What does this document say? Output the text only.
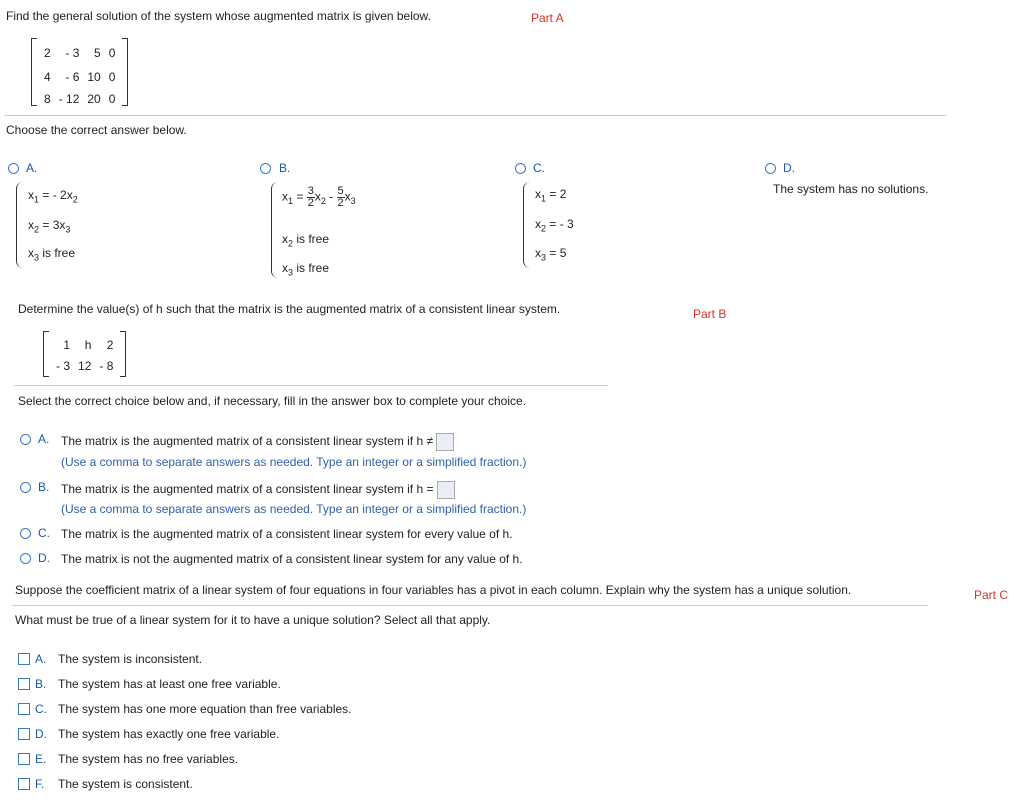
Find the general solution of the system whose augmented matrix is given below.	Part A
2	- 3	5	0
4	- 6	10	0
8	- 12	20	0
Choose the correct answer below.
A.
$x_1$ = - $2x_2$
$x_2 = 3x_3$
$x_3$ is free
B.
$x_1 = \frac{3}{2} x_2 - \frac{5}{2} x_3$
$x_2$ is free
$x_3$ is free
C.
$x_1 = 2$
$x_2$ = - 3
$x_3 = 5$
D.
The system has no solutions.
Determine the value(s) of h such that the matrix is the augmented matrix of a consistent linear system.	Part B
1	h	2
- 3	12	- 8
Select the correct choice below and, if necessary, fill in the answer box to complete your choice.
A. The matrix is the augmented matrix of a consistent linear system if h ≠
(Use a comma to separate answers as needed. Type an integer or a simplified fraction.)
B. The matrix is the augmented matrix of a consistent linear system if h =
(Use a comma to separate answers as needed. Type an integer or a simplified fraction.)
C. The matrix is the augmented matrix of a consistent linear system for every value of h.
D. The matrix is not the augmented matrix of a consistent linear system for any value of h.
Suppose the coefficient matrix of a linear system of four equations in four variables has a pivot in each column. Explain why the system has a unique solution.	Part C
What must be true of a linear system for it to have a unique solution? Select all that apply.
A. The system is inconsistent.
B. The system has at least one free variable.
C. The system has one more equation than free variables.
D. The system has exactly one free variable.
E. The system has no free variables.
F. The system is consistent.
